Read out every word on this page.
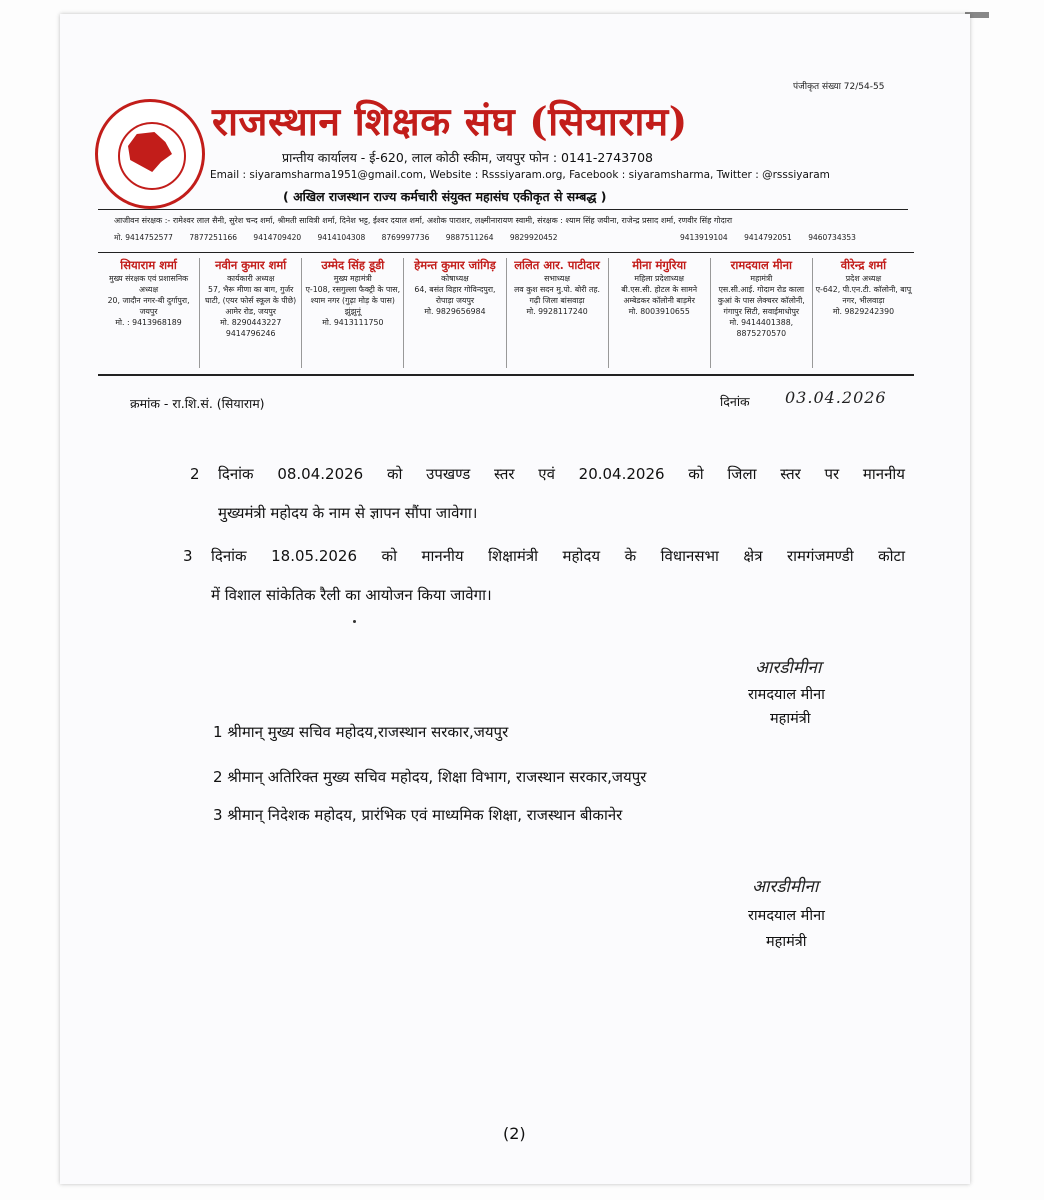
पंजीकृत संख्या 72/54-55
राजस्थान शिक्षक संघ (सियाराम)
प्रान्तीय कार्यालय - ई-620, लाल कोठी स्कीम, जयपुर फोन : 0141-2743708
Email : siyaramsharma1951@gmail.com, Website : Rsssiyaram.org, Facebook : siyaramsharma, Twitter : @rsssiyaram
( अखिल राजस्थान राज्य कर्मचारी संयुक्त महासंघ एकीकृत से सम्बद्ध )
आजीवन संरक्षक :- रामेश्वर लाल सैनी, सुरेश चन्द शर्मा, श्रीमती सावित्री शर्मा, दिनेश भट्ट, ईश्वर दयाल शर्मा, अशोक पाराशर, लक्ष्मीनारायण स्वामी, संरक्षक : श्याम सिंह जयीना, राजेन्द्र प्रसाद शर्मा, रणवीर सिंह गोदारा
मो. 9414752577 7877251166 9414709420 9414104308 8769997736 9887511264 9829920452	9413919104 9414792051 9460734353
सियाराम शर्मा
मुख्य संरक्षक एवं प्रशासनिक अध्यक्ष
20, जादौन नगर-बी दुर्गापुरा, जयपुर
मो. : 9413968189
नवीन कुमार शर्मा
कार्यकारी अध्यक्ष
57, भैरू मीणा का बाग, गुर्जर घाटी, (एयर फोर्स स्कूल के पीछे) आमेर रोड, जयपुर
मो. 8290443227 9414796246
उम्मेद सिंह डूडी
मुख्य महामंत्री
ए-108, रसगुल्ला फैक्ट्री के पास, श्याम नगर (गुढ़ा मोड़ के पास) झुंझुनूं
मो. 9413111750
हेमन्त कुमार जांगिड़
कोषाध्यक्ष
64, बसंत विहार गोविन्दपुरा, रोपाड़ा जयपुर
मो. 9829656984
ललित आर. पाटीदार
सभाध्यक्ष
लव कुश सदन मु.पो. बोरी तह. गढ़ी जिला बांसवाड़ा
मो. 9928117240
मीना मंगुरिया
महिला प्रदेशाध्यक्ष
बी.एस.सी. होटल के सामने अम्बेडकर कॉलोनी बाड़मेर
मो. 8003910655
रामदयाल मीना
महामंत्री
एस.सी.आई. गोदाम रोड काला कुआं के पास लेक्चरर कॉलोनी, गंगापुर सिटी, सवाईमाधोपुर
मो. 9414401388, 8875270570
वीरेन्द्र शर्मा
प्रदेश अध्यक्ष
ए-642, पी.एन.टी. कॉलोनी, बापू नगर, भीलवाड़ा
मो. 9829242390
क्रमांक - रा.शि.सं. (सियाराम)	दिनांक 03.04.2026
2 दिनांक 08.04.2026 को उपखण्ड स्तर एवं 20.04.2026 को जिला स्तर पर माननीय
मुख्यमंत्री महोदय के नाम से ज्ञापन सौंपा जावेगा।
3 दिनांक 18.05.2026 को माननीय शिक्षामंत्री महोदय के विधानसभा क्षेत्र रामगंजमण्डी कोटा
में विशाल सांकेतिक रैली का आयोजन किया जावेगा।
आरडीमीना
रामदयाल मीना
महामंत्री
1 श्रीमान् मुख्य सचिव महोदय,राजस्थान सरकार,जयपुर
2 श्रीमान् अतिरिक्त मुख्य सचिव महोदय, शिक्षा विभाग, राजस्थान सरकार,जयपुर
3 श्रीमान् निदेशक महोदय, प्रारंभिक एवं माध्यमिक शिक्षा, राजस्थान बीकानेर
आरडीमीना
रामदयाल मीना
महामंत्री
(2)
